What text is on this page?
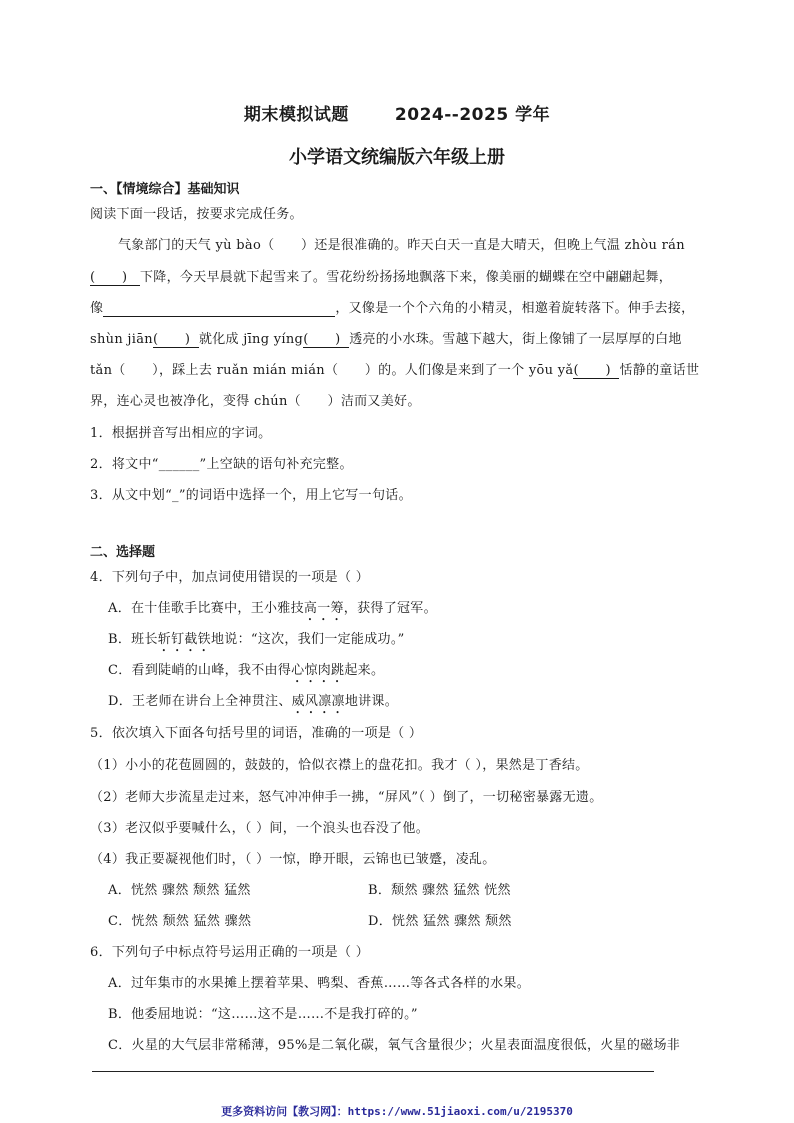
期末模拟试题	2024--2025 学年
小学语文统编版六年级上册
一、【情境综合】基础知识
阅读下面一段话，按要求完成任务。
气象部门的天气 yù bào（　　）还是很准确的。昨天白天一直是大晴天，但晚上气温 zhòu rán
(　　) 下降，今天早晨就下起雪来了。雪花纷纷扬扬地飘落下来，像美丽的蝴蝶在空中翩翩起舞，
像	，又像是一个个六角的小精灵，相邀着旋转落下。伸手去接，
shùn jiān(　　) 就化成 jīng yíng(　　) 透亮的小水珠。雪越下越大，街上像铺了一层厚厚的白地
tǎn（　　），踩上去 ruǎn mián mián（　　）的。人们像是来到了一个 yōu yǎ(　　) 恬静的童话世
界，连心灵也被净化，变得 chún（　　）洁而又美好。
1．根据拼音写出相应的字词。
2．将文中“______”上空缺的语句补充完整。
3．从文中划“_”的词语中选择一个，用上它写一句话。
二、选择题
4．下列句子中，加点词使用错误的一项是（ ）
A．在十佳歌手比赛中，王小雅技高一筹，获得了冠军。
B．班长斩钉截铁地说：“这次，我们一定能成功。”
C．看到陡峭的山峰，我不由得心惊肉跳起来。
D．王老师在讲台上全神贯注、威风凛凛地讲课。
5．依次填入下面各句括号里的词语，准确的一项是（ ）
（1）小小的花苞圆圆的，鼓鼓的，恰似衣襟上的盘花扣。我才（ ），果然是丁香结。
（2）老师大步流星走过来，怒气冲冲伸手一拂，“屏风”（ ）倒了，一切秘密暴露无遗。
（3）老汉似乎要喊什么，（ ）间，一个浪头也吞没了他。
（4）我正要凝视他们时，（ ）一惊，睁开眼，云锦也已皱蹙，凌乱。
A．恍然 骤然 颓然 猛然	B．颓然 骤然 猛然 恍然
C．恍然 颓然 猛然 骤然	D．恍然 猛然 骤然 颓然
6．下列句子中标点符号运用正确的一项是（ ）
A．过年集市的水果摊上摆着苹果、鸭梨、香蕉……等各式各样的水果。
B．他委屈地说：“这……这不是……不是我打碎的。”
C．火星的大气层非常稀薄，95%是二氧化碳，氧气含量很少；火星表面温度很低，火星的磁场非
更多资料访问【教习网】：https://www.51jiaoxi.com/u/2195370
